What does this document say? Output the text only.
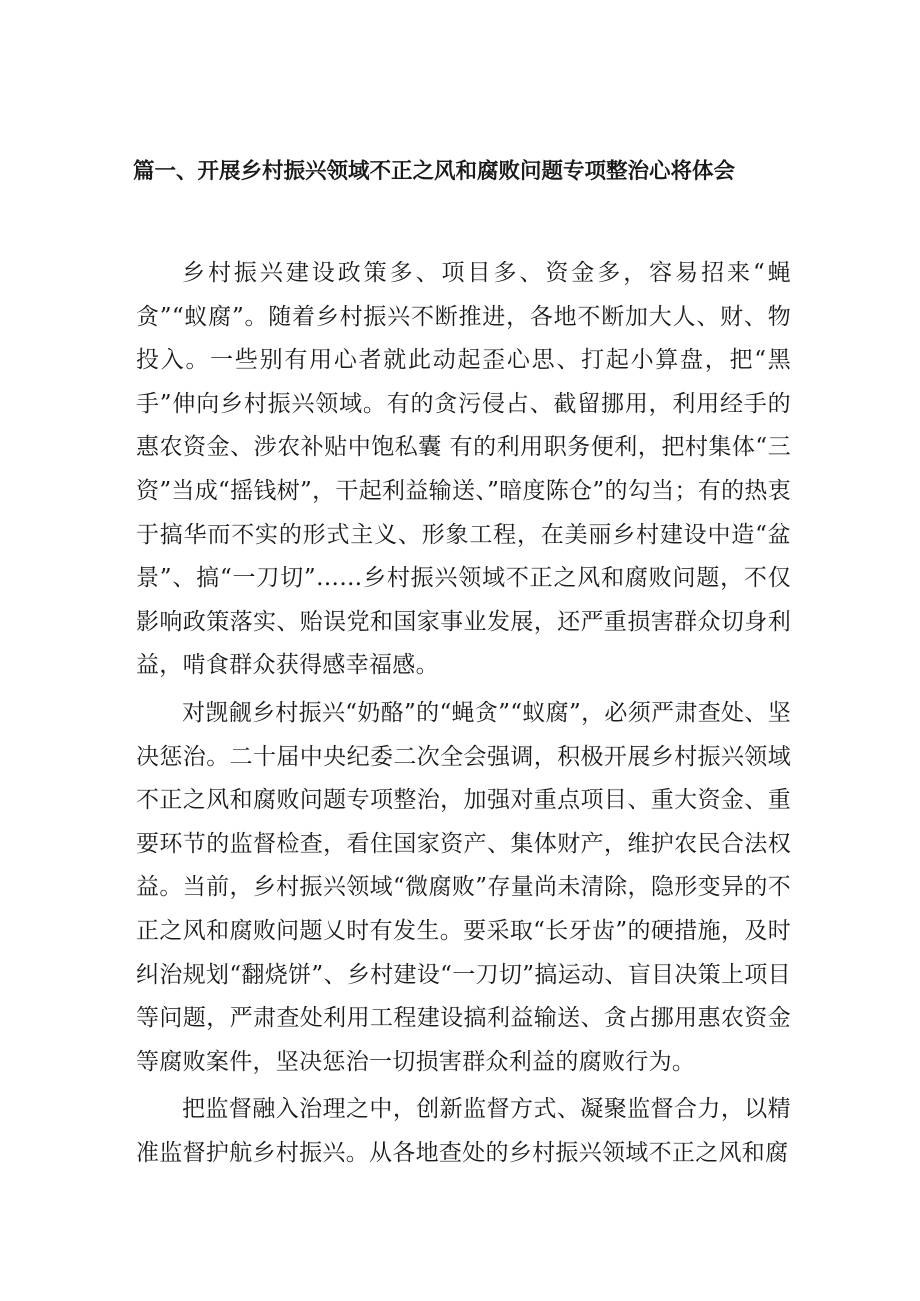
篇一、开展乡村振兴领域不正之风和腐败问题专项整治心将体会

乡村振兴建设政策多、项目多、资金多，容易招来“蝇贪”“蚁腐”。随着乡村振兴不断推进，各地不断加大人、财、物投入。一些别有用心者就此动起歪心思、打起小算盘，把“黑手”伸向乡村振兴领域。有的贪污侵占、截留挪用，利用经手的惠农资金、涉农补贴中饱私囊 有的利用职务便利，把村集体“三资”当成“摇钱树”，干起利益输送、”暗度陈仓”的勾当；有的热衷于搞华而不实的形式主义、形象工程，在美丽乡村建设中造“盆景”、搞“一刀切”……乡村振兴领域不正之风和腐败问题，不仅影响政策落实、贻误党和国家事业发展，还严重损害群众切身利益，啃食群众获得感幸福感。

对觊觎乡村振兴“奶酪”的“蝇贪”“蚁腐”，必须严肃查处、坚决惩治。二十届中央纪委二次全会强调，积极开展乡村振兴领域不正之风和腐败问题专项整治，加强对重点项目、重大资金、重要环节的监督检查，看住国家资产、集体财产，维护农民合法权益。当前，乡村振兴领域“微腐败”存量尚未清除，隐形变异的不正之风和腐败问题乂时有发生。要采取“长牙齿”的硬措施，及时纠治规划“翻烧饼”、乡村建设“一刀切”搞运动、盲目决策上项目等问题，严肃查处利用工程建设搞利益输送、贪占挪用惠农资金等腐败案件，坚决惩治一切损害群众利益的腐败行为。

把监督融入治理之中，创新监督方式、凝聚监督合力，以精准监督护航乡村振兴。从各地查处的乡村振兴领域不正之风和腐
